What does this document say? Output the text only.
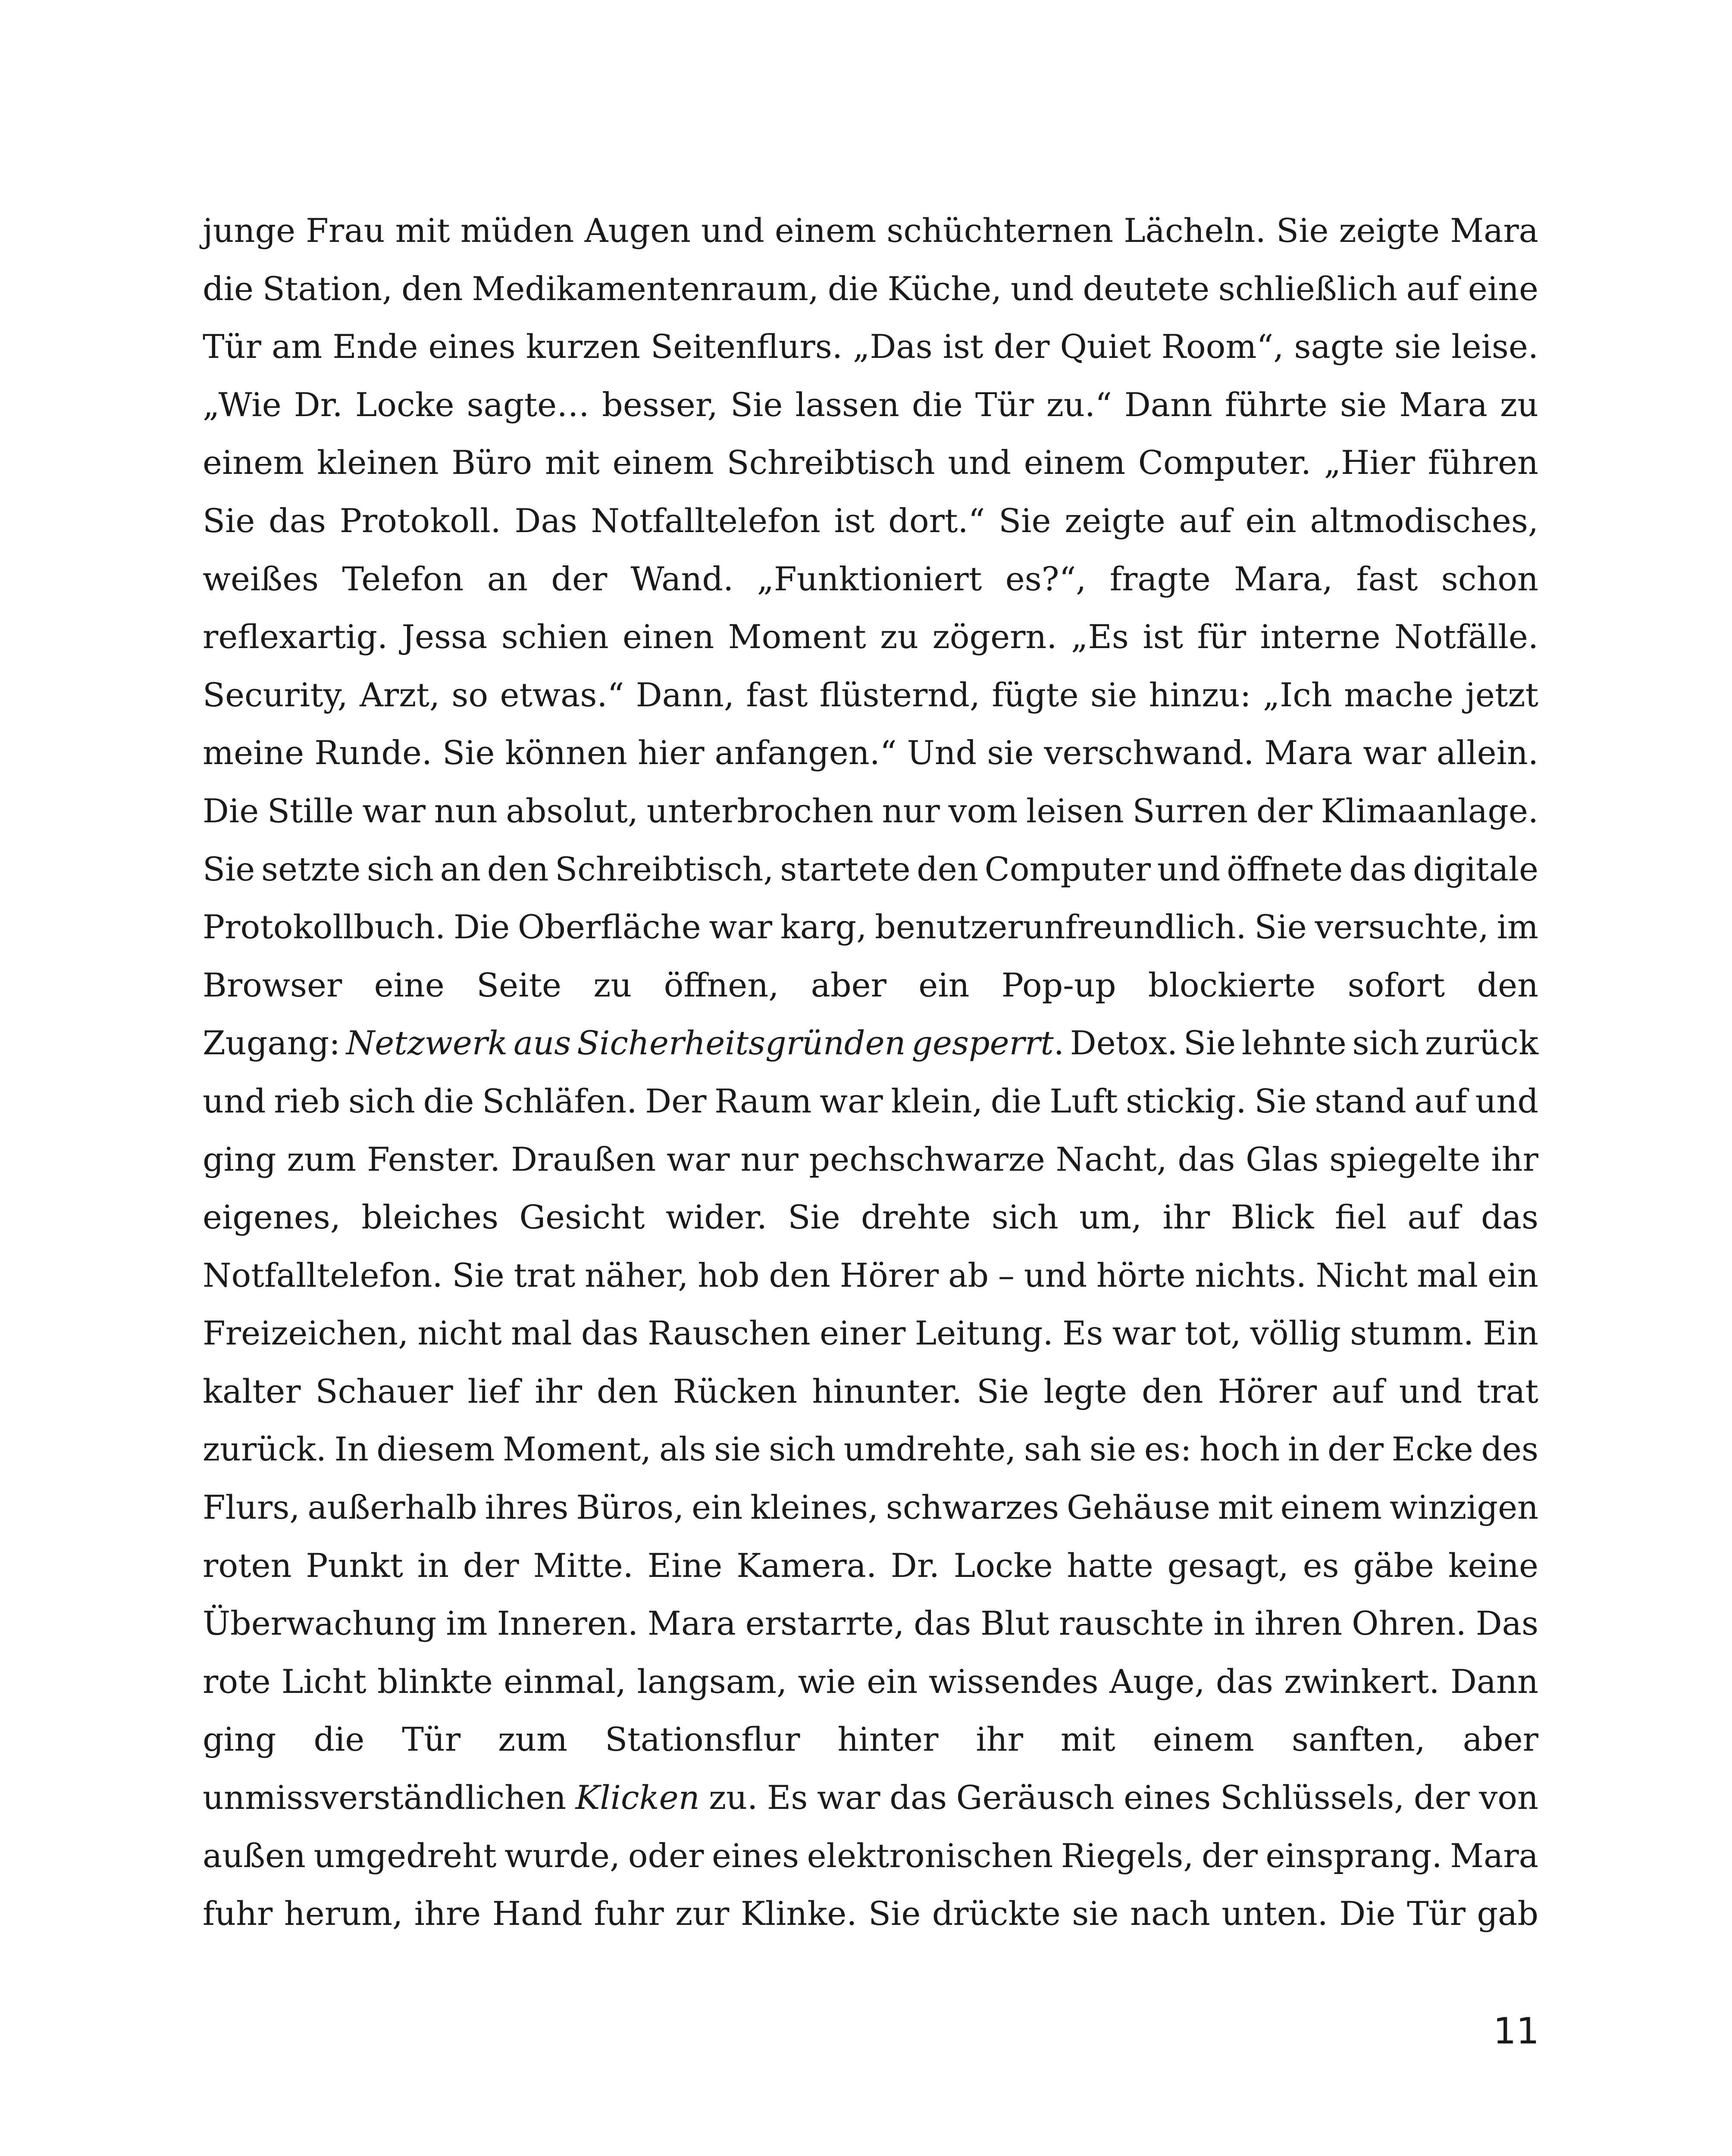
junge Frau mit müden Augen und einem schüchternen Lächeln. Sie zeigte Mara
die Station, den Medikamentenraum, die Küche, und deutete schließlich auf eine
Tür am Ende eines kurzen Seitenflurs. „Das ist der Quiet Room“, sagte sie leise.
„Wie Dr. Locke sagte… besser, Sie lassen die Tür zu.“ Dann führte sie Mara zu
einem kleinen Büro mit einem Schreibtisch und einem Computer. „Hier führen
Sie das Protokoll. Das Notfalltelefon ist dort.“ Sie zeigte auf ein altmodisches,
weißes Telefon an der Wand. „Funktioniert es?“, fragte Mara, fast schon
reflexartig. Jessa schien einen Moment zu zögern. „Es ist für interne Notfälle.
Security, Arzt, so etwas.“ Dann, fast flüsternd, fügte sie hinzu: „Ich mache jetzt
meine Runde. Sie können hier anfangen.“ Und sie verschwand. Mara war allein.
Die Stille war nun absolut, unterbrochen nur vom leisen Surren der Klimaanlage.
Sie setzte sich an den Schreibtisch, startete den Computer und öffnete das digitale
Protokollbuch. Die Oberfläche war karg, benutzerunfreundlich. Sie versuchte, im
Browser eine Seite zu öffnen, aber ein Pop-up blockierte sofort den
Zugang: Netzwerk aus Sicherheitsgründen gesperrt. Detox. Sie lehnte sich zurück
und rieb sich die Schläfen. Der Raum war klein, die Luft stickig. Sie stand auf und
ging zum Fenster. Draußen war nur pechschwarze Nacht, das Glas spiegelte ihr
eigenes, bleiches Gesicht wider. Sie drehte sich um, ihr Blick fiel auf das
Notfalltelefon. Sie trat näher, hob den Hörer ab – und hörte nichts. Nicht mal ein
Freizeichen, nicht mal das Rauschen einer Leitung. Es war tot, völlig stumm. Ein
kalter Schauer lief ihr den Rücken hinunter. Sie legte den Hörer auf und trat
zurück. In diesem Moment, als sie sich umdrehte, sah sie es: hoch in der Ecke des
Flurs, außerhalb ihres Büros, ein kleines, schwarzes Gehäuse mit einem winzigen
roten Punkt in der Mitte. Eine Kamera. Dr. Locke hatte gesagt, es gäbe keine
Überwachung im Inneren. Mara erstarrte, das Blut rauschte in ihren Ohren. Das
rote Licht blinkte einmal, langsam, wie ein wissendes Auge, das zwinkert. Dann
ging die Tür zum Stationsflur hinter ihr mit einem sanften, aber
unmissverständlichen Klicken zu. Es war das Geräusch eines Schlüssels, der von
außen umgedreht wurde, oder eines elektronischen Riegels, der einsprang. Mara
fuhr herum, ihre Hand fuhr zur Klinke. Sie drückte sie nach unten. Die Tür gab
11
